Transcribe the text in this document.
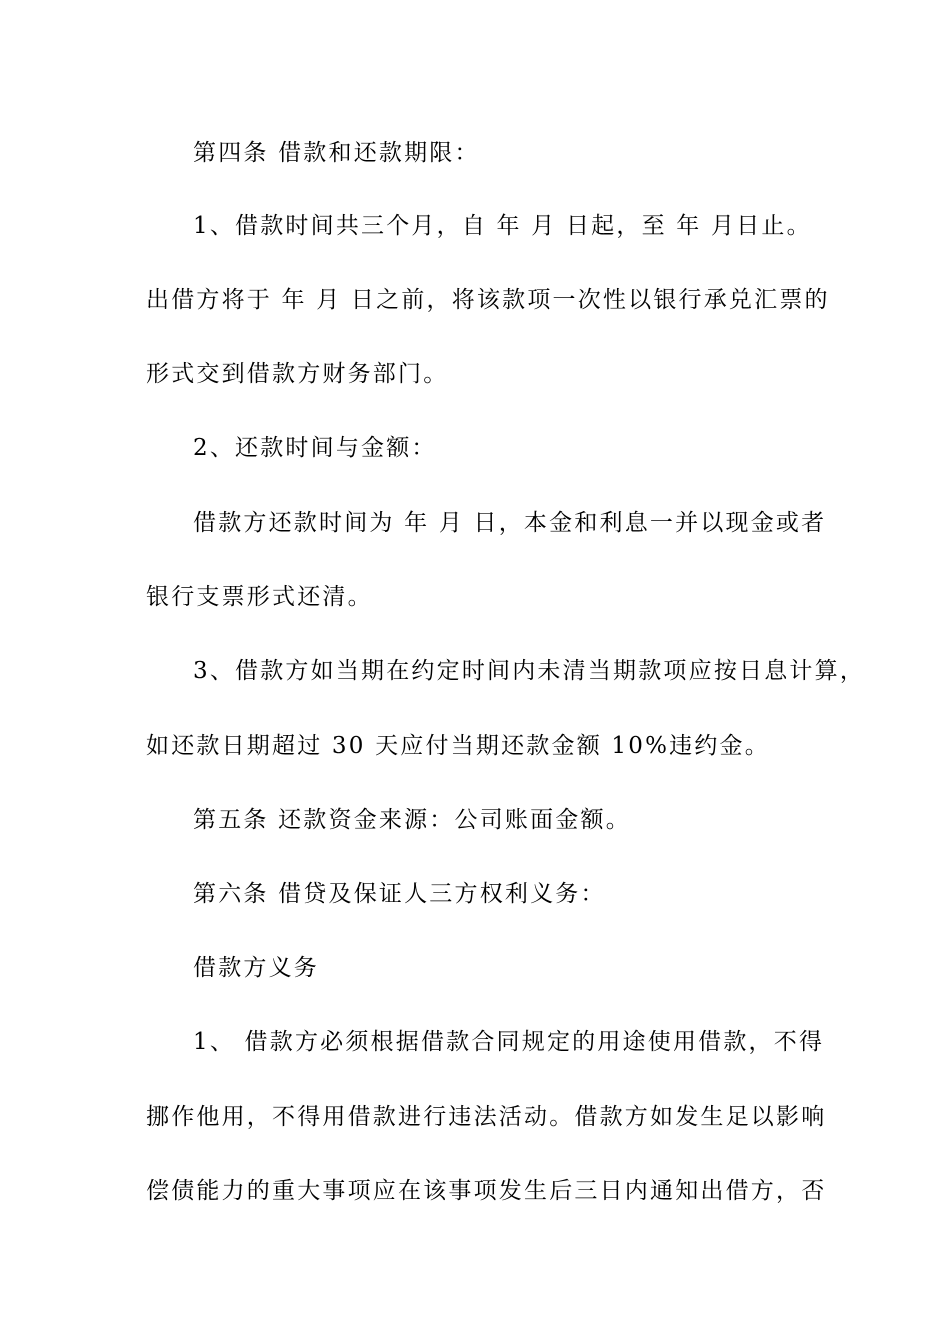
第四条 借款和还款期限：
1、借款时间共三个月，自 年 月 日起，至 年 月日止。
出借方将于 年 月 日之前，将该款项一次性以银行承兑汇票的
形式交到借款方财务部门。
2、还款时间与金额：
借款方还款时间为 年 月 日，本金和利息一并以现金或者
银行支票形式还清。
3、借款方如当期在约定时间内未清当期款项应按日息计算，
如还款日期超过 30 天应付当期还款金额 10%违约金。
第五条 还款资金来源：公司账面金额。
第六条 借贷及保证人三方权利义务：
借款方义务
1、 借款方必须根据借款合同规定的用途使用借款，不得
挪作他用，不得用借款进行违法活动。借款方如发生足以影响
偿债能力的重大事项应在该事项发生后三日内通知出借方，否
